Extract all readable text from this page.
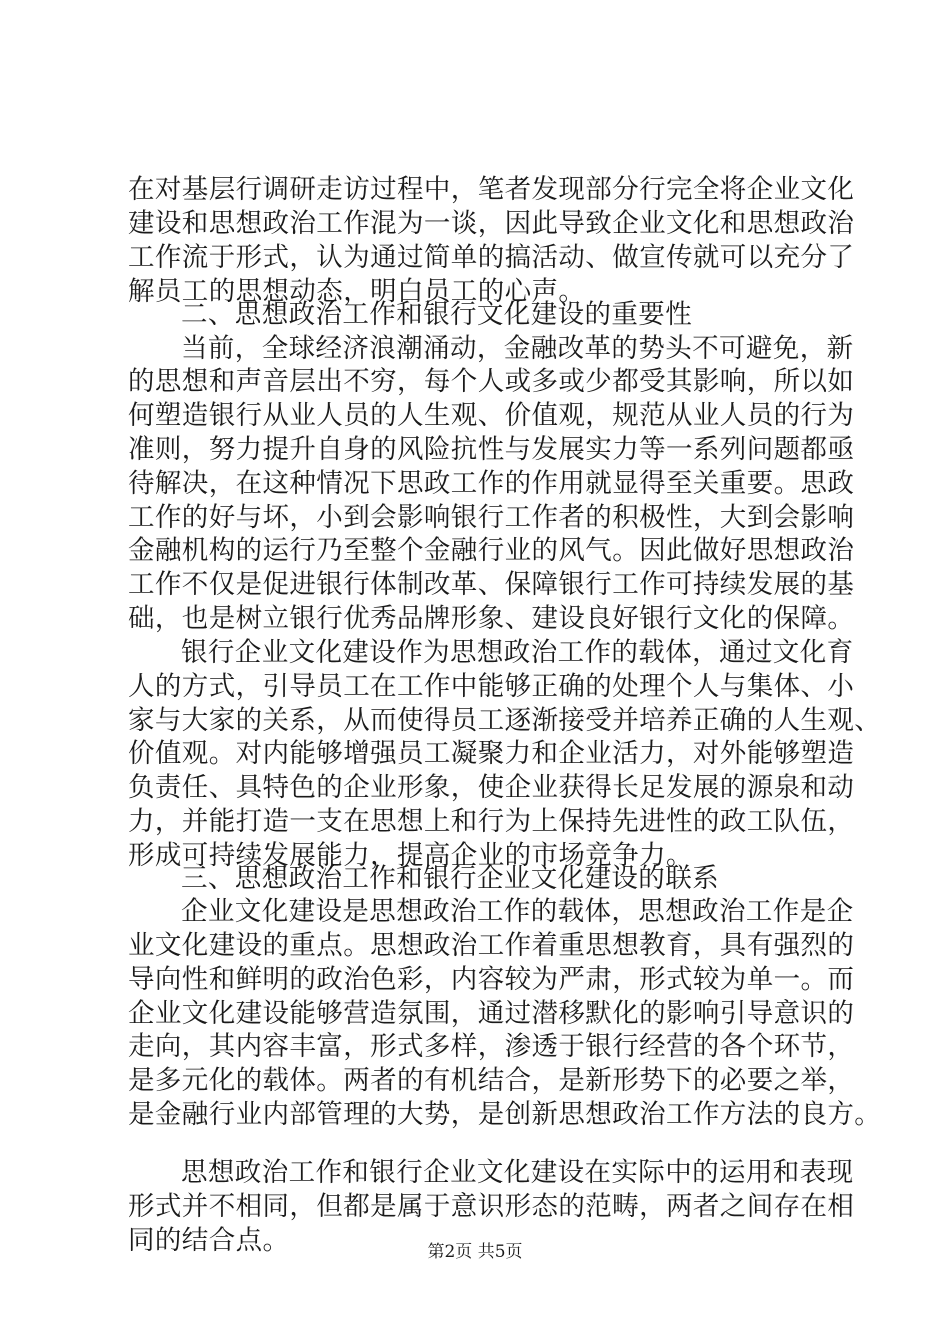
在对基层行调研走访过程中，笔者发现部分行完全将企业文化
建设和思想政治工作混为一谈，因此导致企业文化和思想政治
工作流于形式，认为通过简单的搞活动、做宣传就可以充分了
解员工的思想动态，明白员工的心声。
二、思想政治工作和银行文化建设的重要性
当前，全球经济浪潮涌动，金融改革的势头不可避免，新
的思想和声音层出不穷，每个人或多或少都受其影响，所以如
何塑造银行从业人员的人生观、价值观，规范从业人员的行为
准则，努力提升自身的风险抗性与发展实力等一系列问题都亟
待解决，在这种情况下思政工作的作用就显得至关重要。思政
工作的好与坏，小到会影响银行工作者的积极性，大到会影响
金融机构的运行乃至整个金融行业的风气。因此做好思想政治
工作不仅是促进银行体制改革、保障银行工作可持续发展的基
础，也是树立银行优秀品牌形象、建设良好银行文化的保障。
银行企业文化建设作为思想政治工作的载体，通过文化育
人的方式，引导员工在工作中能够正确的处理个人与集体、小
家与大家的关系，从而使得员工逐渐接受并培养正确的人生观、
价值观。对内能够增强员工凝聚力和企业活力，对外能够塑造
负责任、具特色的企业形象，使企业获得长足发展的源泉和动
力，并能打造一支在思想上和行为上保持先进性的政工队伍，
形成可持续发展能力，提高企业的市场竞争力。
三、思想政治工作和银行企业文化建设的联系
企业文化建设是思想政治工作的载体，思想政治工作是企
业文化建设的重点。思想政治工作着重思想教育，具有强烈的
导向性和鲜明的政治色彩，内容较为严肃，形式较为单一。而
企业文化建设能够营造氛围，通过潜移默化的影响引导意识的
走向，其内容丰富，形式多样，渗透于银行经营的各个环节，
是多元化的载体。两者的有机结合，是新形势下的必要之举，
是金融行业内部管理的大势，是创新思想政治工作方法的良方。
思想政治工作和银行企业文化建设在实际中的运用和表现
形式并不相同，但都是属于意识形态的范畴，两者之间存在相
同的结合点。	第2页 共5页
